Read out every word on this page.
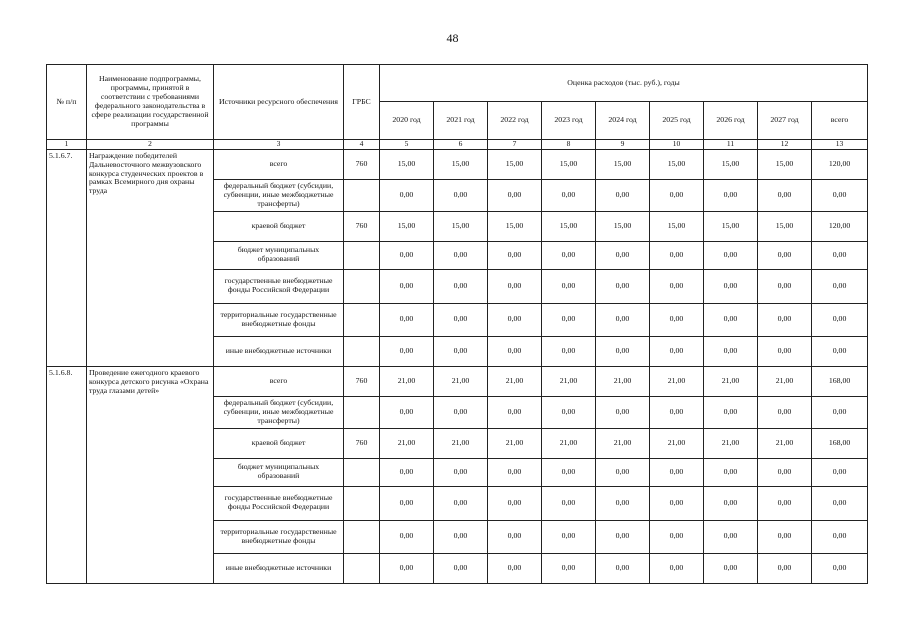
48
№ п/п	Наименование подпрограммы, программы, принятой в соответствии с требованиями федерального законодательства в сфере реализации государственной программы	Источники ресурсного обеспечения	ГРБС	Оценка расходов (тыс. руб.), годы								
				2020 год	2021 год	2022 год	2023 год	2024 год	2025 год	2026 год	2027 год	всего
1	2	3	4	5	6	7	8	9	10	11	12	13
5.1.6.7.	Награждение победителей Дальневосточного межвузовского конкурса студенческих проектов в рамках Всемирного дня охраны труда	всего	760	15,00	15,00	15,00	15,00	15,00	15,00	15,00	15,00	120,00
		федеральный бюджет (субсидии, субвенции, иные межбюджетные трансферты)		0,00	0,00	0,00	0,00	0,00	0,00	0,00	0,00	0,00
		краевой бюджет	760	15,00	15,00	15,00	15,00	15,00	15,00	15,00	15,00	120,00
		бюджет муниципальных образований		0,00	0,00	0,00	0,00	0,00	0,00	0,00	0,00	0,00
		государственные внебюджетные фонды Российской Федерации		0,00	0,00	0,00	0,00	0,00	0,00	0,00	0,00	0,00
		территориальные государственные внебюджетные фонды		0,00	0,00	0,00	0,00	0,00	0,00	0,00	0,00	0,00
		иные внебюджетные источники		0,00	0,00	0,00	0,00	0,00	0,00	0,00	0,00	0,00
5.1.6.8.	Проведение ежегодного краевого конкурса детского рисунка «Охрана труда глазами детей»	всего	760	21,00	21,00	21,00	21,00	21,00	21,00	21,00	21,00	168,00
		федеральный бюджет (субсидии, субвенции, иные межбюджетные трансферты)		0,00	0,00	0,00	0,00	0,00	0,00	0,00	0,00	0,00
		краевой бюджет	760	21,00	21,00	21,00	21,00	21,00	21,00	21,00	21,00	168,00
		бюджет муниципальных образований		0,00	0,00	0,00	0,00	0,00	0,00	0,00	0,00	0,00
		государственные внебюджетные фонды Российской Федерации		0,00	0,00	0,00	0,00	0,00	0,00	0,00	0,00	0,00
		территориальные государственные внебюджетные фонды		0,00	0,00	0,00	0,00	0,00	0,00	0,00	0,00	0,00
		иные внебюджетные источники		0,00	0,00	0,00	0,00	0,00	0,00	0,00	0,00	0,00
